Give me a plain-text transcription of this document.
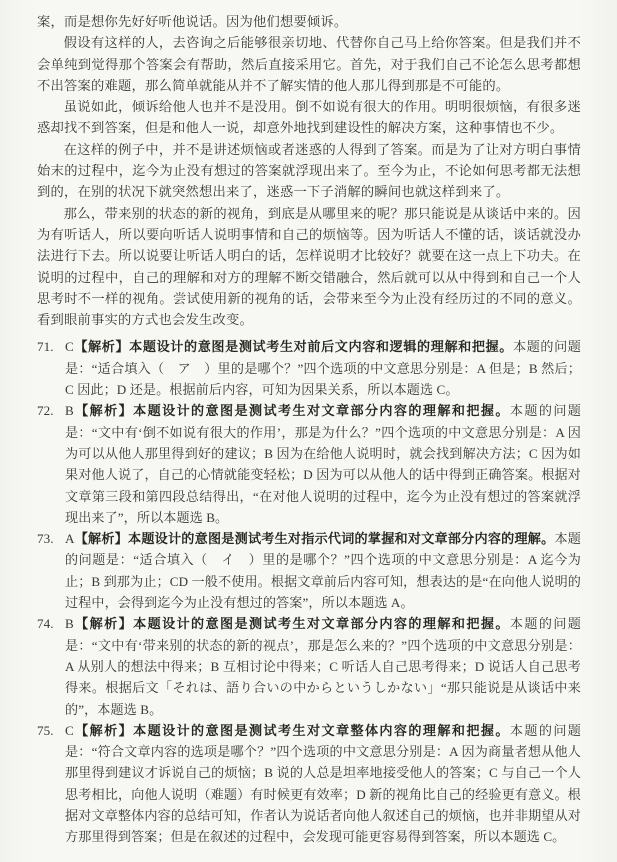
案，而是想你先好好听他说话。因为他们想要倾诉。

假设有这样的人，去咨询之后能够很亲切地、代替你自己马上给你答案。但是我们并不会单纯到觉得那个答案会有帮助，然后直接采用它。首先，对于我们自己不论怎么思考都想不出答案的难题，那么简单就能从并不了解实情的他人那儿得到那是不可能的。

虽说如此，倾诉给他人也并不是没用。倒不如说有很大的作用。明明很烦恼，有很多迷惑却找不到答案，但是和他人一说，却意外地找到建设性的解决方案，这种事情也不少。

在这样的例子中，并不是讲述烦恼或者迷惑的人得到了答案。而是为了让对方明白事情始末的过程中，迄今为止没有想过的答案就浮现出来了。至今为止，不论如何思考都无法想到的，在别的状况下就突然想出来了，迷惑一下子消解的瞬间也就这样到来了。

那么，带来别的状态的新的视角，到底是从哪里来的呢？那只能说是从谈话中来的。因为有听话人，所以要向听话人说明事情和自己的烦恼等。因为听话人不懂的话，谈话就没办法进行下去。所以说要让听话人明白的话，怎样说明才比较好？就要在这一点上下功夫。在说明的过程中，自己的理解和对方的理解不断交错融合，然后就可以从中得到和自己一个人思考时不一样的视角。尝试使用新的视角的话，会带来至今为止没有经历过的不同的意义。看到眼前事实的方式也会发生改变。

71. C【解析】本题设计的意图是测试考生对前后文内容和逻辑的理解和把握。本题的问题是：“适合填入（　ア　）里的是哪个？”四个选项的中文意思分别是：A 但是；B 然后；C 因此；D 还是。根据前后内容，可知为因果关系，所以本题选 C。
72. B【解析】本题设计的意图是测试考生对文章部分内容的理解和把握。本题的问题是：“文中有‘倒不如说有很大的作用’，那是为什么？”四个选项的中文意思分别是：A 因为可以从他人那里得到好的建议；B 因为在给他人说明时，就会找到解决方法；C 因为如果对他人说了，自己的心情就能变轻松；D 因为可以从他人的话中得到正确答案。根据对文章第三段和第四段总结得出，“在对他人说明的过程中，迄今为止没有想过的答案就浮现出来了”，所以本题选 B。
73. A【解析】本题设计的意图是测试考生对指示代词的掌握和对文章部分内容的理解。本题的问题是：“适合填入（　イ　）里的是哪个？”四个选项的中文意思分别是：A 迄今为止；B 到那为止；CD 一般不使用。根据文章前后内容可知，想表达的是“在向他人说明的过程中，会得到迄今为止没有想过的答案”，所以本题选 A。
74. B【解析】本题设计的意图是测试考生对文章部分内容的理解和把握。本题的问题是：“文中有‘带来别的状态的新的视点’，那是怎么来的？”四个选项的中文意思分别是：A 从别人的想法中得来；B 互相讨论中得来；C 听话人自己思考得来；D 说话人自己思考得来。根据后文「それは、語り合いの中からというしかない」“那只能说是从谈话中来的”，本题选 B。
75. C【解析】本题设计的意图是测试考生对文章整体内容的理解和把握。本题的问题是：“符合文章内容的选项是哪个？”四个选项的中文意思分别是：A 因为商量者想从他人那里得到建议才诉说自己的烦恼；B 说的人总是坦率地接受他人的答案；C 与自己一个人思考相比，向他人说明（难题）有时候更有效率；D 新的视角比自己的经验更有意义。根据对文章整体内容的总结可知，作者认为说话者向他人叙述自己的烦恼，也并非期望从对方那里得到答案；但是在叙述的过程中，会发现可能更容易得到答案，所以本题选 C。
